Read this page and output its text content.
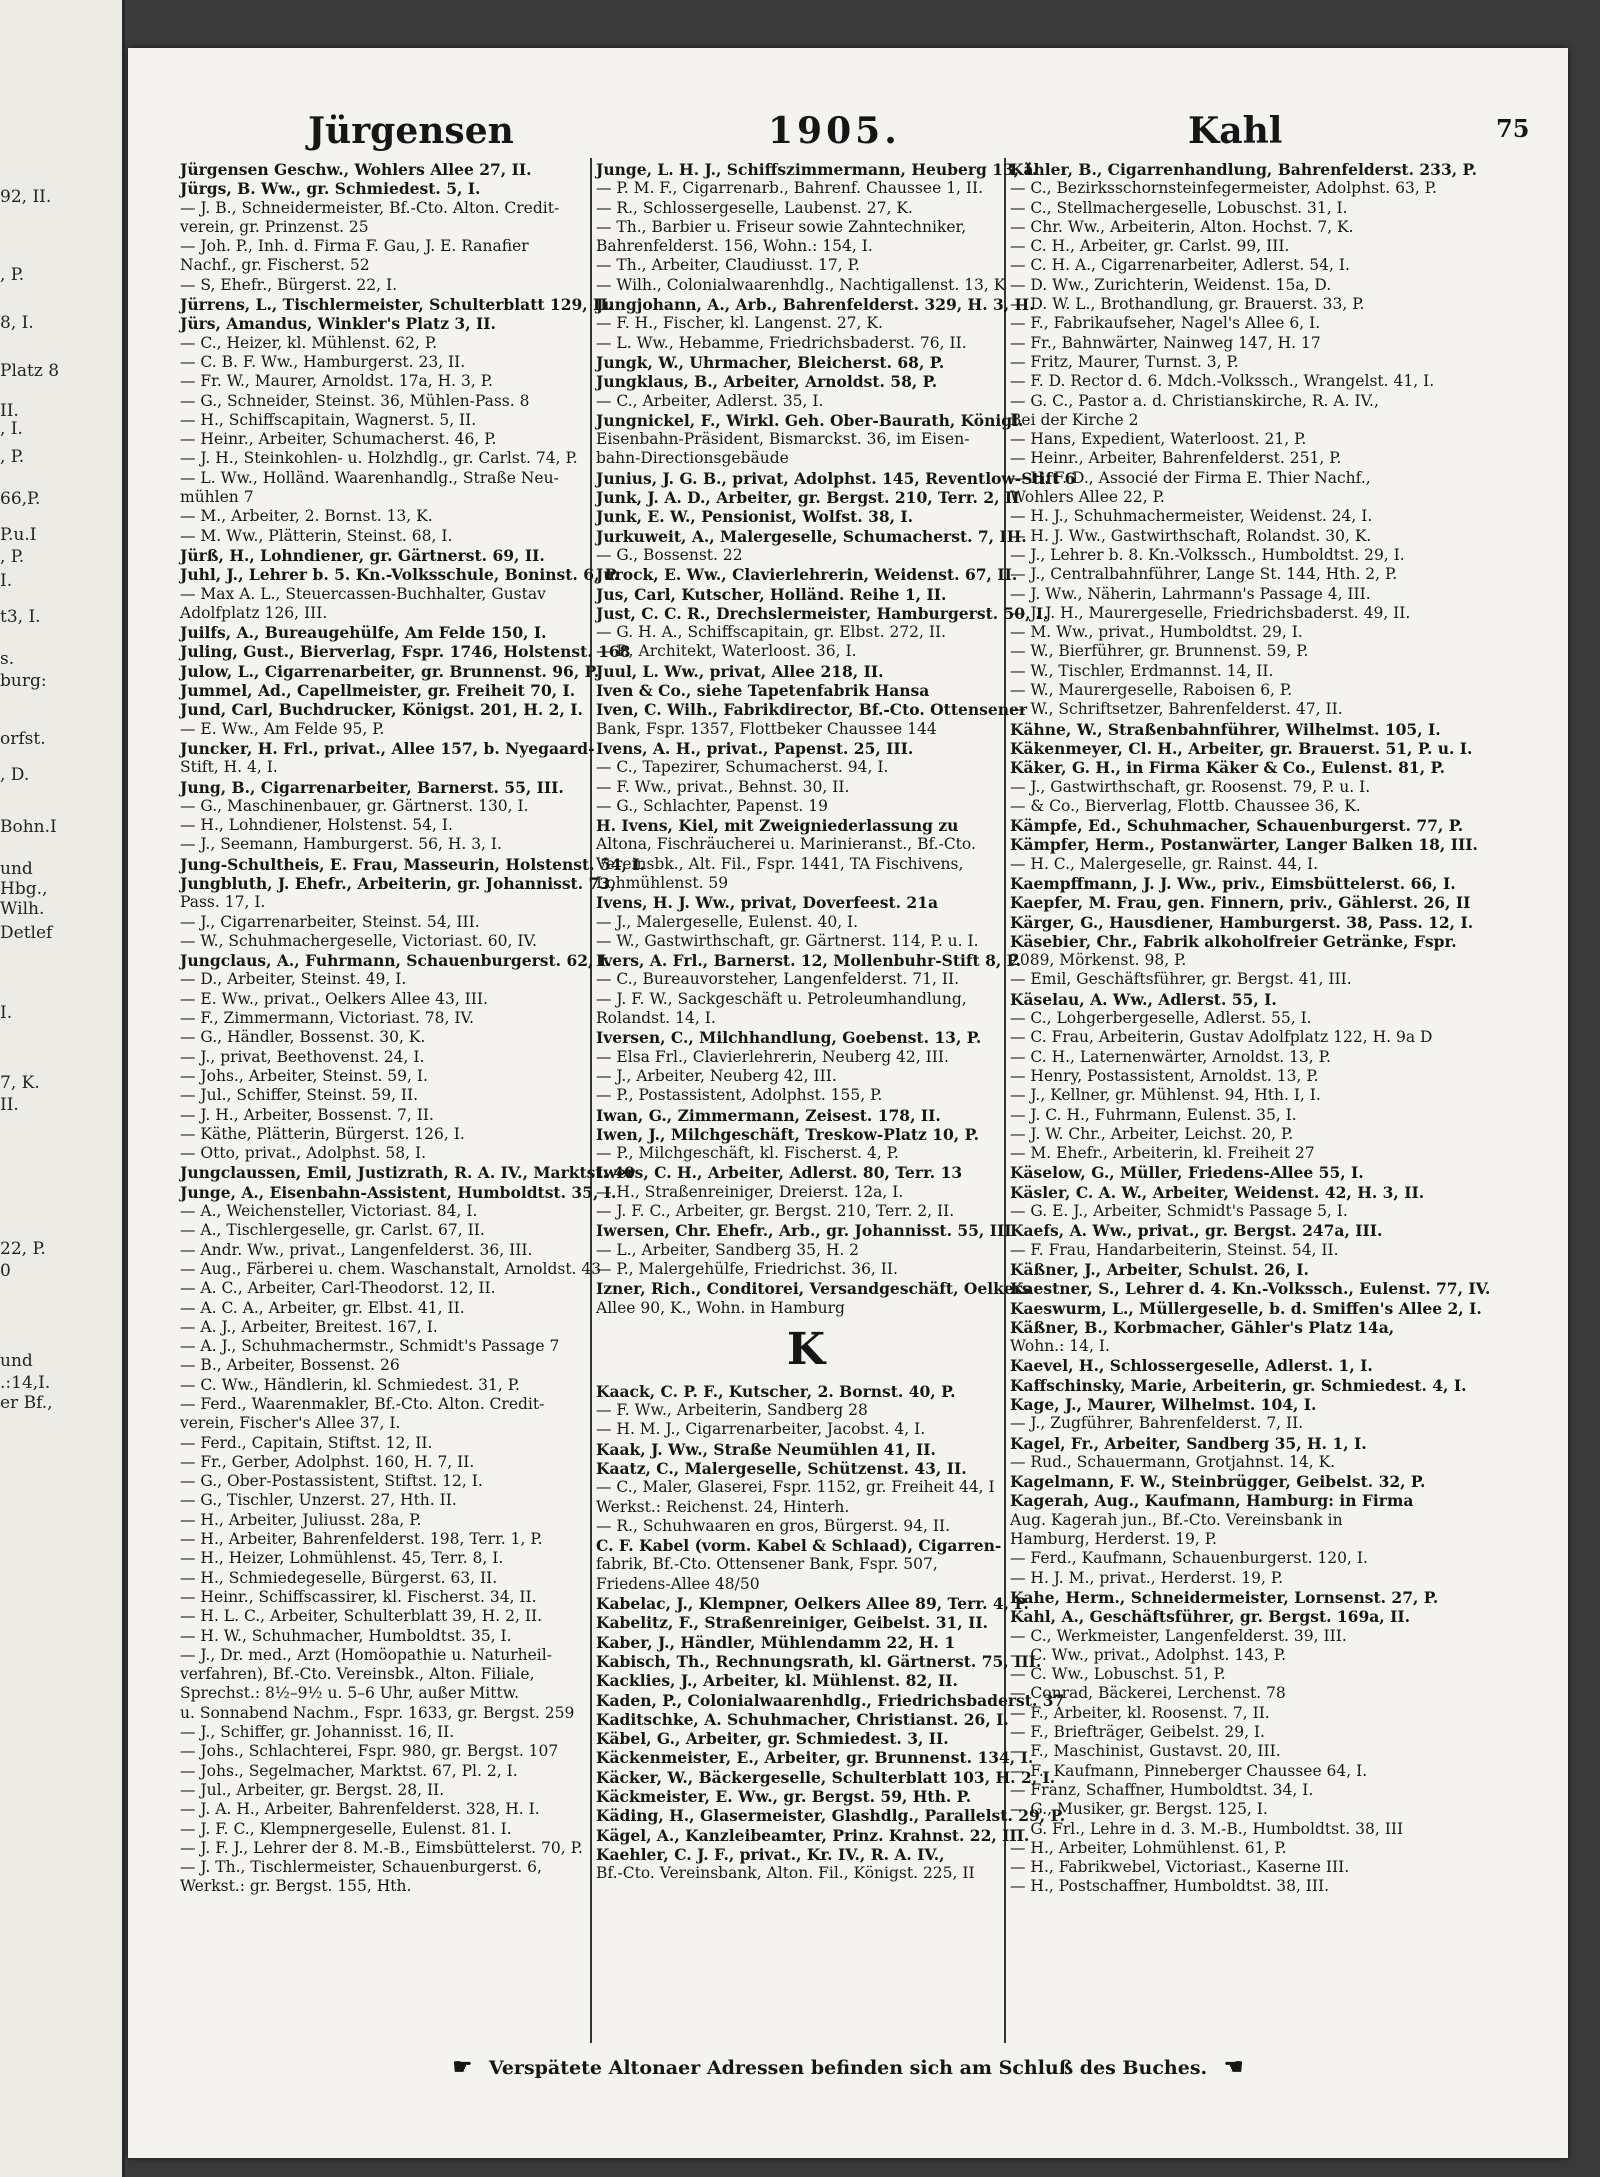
92, II.
, P.
8, I.
Platz 8
II.
, I.
, P.
66,P.
P.u.I
, P.
I.
t3, I.
s.
burg:
orfst.
, D.
Bohn.I
und
Hbg.,
Wilh.
Detlef
I.
7, K.
II.
22, P.
0
und
.:14,I.
er Bf.,
Jürgensen	1905.	Kahl	75
Jürgensen Geschw., Wohlers Allee 27, II.
Jürgs, B. Ww., gr. Schmiedest. 5, I.
— J. B., Schneidermeister, Bf.-Cto. Alton. Credit-
verein, gr. Prinzenst. 25
— Joh. P., Inh. d. Firma F. Gau, J. E. Ranafier
Nachf., gr. Fischerst. 52
— S, Ehefr., Bürgerst. 22, I.
Jürrens, L., Tischlermeister, Schulterblatt 129, II.
Jürs, Amandus, Winkler's Platz 3, II.
— C., Heizer, kl. Mühlenst. 62, P.
— C. B. F. Ww., Hamburgerst. 23, II.
— Fr. W., Maurer, Arnoldst. 17a, H. 3, P.
— G., Schneider, Steinst. 36, Mühlen-Pass. 8
— H., Schiffscapitain, Wagnerst. 5, II.
— Heinr., Arbeiter, Schumacherst. 46, P.
— J. H., Steinkohlen- u. Holzhdlg., gr. Carlst. 74, P.
— L. Ww., Holländ. Waarenhandlg., Straße Neu-
mühlen 7
— M., Arbeiter, 2. Bornst. 13, K.
— M. Ww., Plätterin, Steinst. 68, I.
Jürß, H., Lohndiener, gr. Gärtnerst. 69, II.
Juhl, J., Lehrer b. 5. Kn.-Volksschule, Boninst. 6, P.
— Max A. L., Steuercassen-Buchhalter, Gustav
Adolfplatz 126, III.
Juilfs, A., Bureaugehülfe, Am Felde 150, I.
Juling, Gust., Bierverlag, Fspr. 1746, Holstenst. 168
Julow, L., Cigarrenarbeiter, gr. Brunnenst. 96, P.
Jummel, Ad., Capellmeister, gr. Freiheit 70, I.
Jund, Carl, Buchdrucker, Königst. 201, H. 2, I.
— E. Ww., Am Felde 95, P.
Juncker, H. Frl., privat., Allee 157, b. Nyegaard-
Stift, H. 4, I.
Jung, B., Cigarrenarbeiter, Barnerst. 55, III.
— G., Maschinenbauer, gr. Gärtnerst. 130, I.
— H., Lohndiener, Holstenst. 54, I.
— J., Seemann, Hamburgerst. 56, H. 3, I.
Jung-Schultheis, E. Frau, Masseurin, Holstenst. 54, I.
Jungbluth, J. Ehefr., Arbeiterin, gr. Johannisst. 73,
Pass. 17, I.
— J., Cigarrenarbeiter, Steinst. 54, III.
— W., Schuhmachergeselle, Victoriast. 60, IV.
Jungclaus, A., Fuhrmann, Schauenburgerst. 62, I.
— D., Arbeiter, Steinst. 49, I.
— E. Ww., privat., Oelkers Allee 43, III.
— F., Zimmermann, Victoriast. 78, IV.
— G., Händler, Bossenst. 30, K.
— J., privat, Beethovenst. 24, I.
— Johs., Arbeiter, Steinst. 59, I.
— Jul., Schiffer, Steinst. 59, II.
— J. H., Arbeiter, Bossenst. 7, II.
— Käthe, Plätterin, Bürgerst. 126, I.
— Otto, privat., Adolphst. 58, I.
Jungclaussen, Emil, Justizrath, R. A. IV., Marktst. 40
Junge, A., Eisenbahn-Assistent, Humboldtst. 35, I.
— A., Weichensteller, Victoriast. 84, I.
— A., Tischlergeselle, gr. Carlst. 67, II.
— Andr. Ww., privat., Langenfelderst. 36, III.
— Aug., Färberei u. chem. Waschanstalt, Arnoldst. 43
— A. C., Arbeiter, Carl-Theodorst. 12, II.
— A. C. A., Arbeiter, gr. Elbst. 41, II.
— A. J., Arbeiter, Breitest. 167, I.
— A. J., Schuhmachermstr., Schmidt's Passage 7
— B., Arbeiter, Bossenst. 26
— C. Ww., Händlerin, kl. Schmiedest. 31, P.
— Ferd., Waarenmakler, Bf.-Cto. Alton. Credit-
verein, Fischer's Allee 37, I.
— Ferd., Capitain, Stiftst. 12, II.
— Fr., Gerber, Adolphst. 160, H. 7, II.
— G., Ober-Postassistent, Stiftst. 12, I.
— G., Tischler, Unzerst. 27, Hth. II.
— H., Arbeiter, Juliusst. 28a, P.
— H., Arbeiter, Bahrenfelderst. 198, Terr. 1, P.
— H., Heizer, Lohmühlenst. 45, Terr. 8, I.
— H., Schmiedegeselle, Bürgerst. 63, II.
— Heinr., Schiffscassirer, kl. Fischerst. 34, II.
— H. L. C., Arbeiter, Schulterblatt 39, H. 2, II.
— H. W., Schuhmacher, Humboldtst. 35, I.
— J., Dr. med., Arzt (Homöopathie u. Naturheil-
verfahren), Bf.-Cto. Vereinsbk., Alton. Filiale,
Sprechst.: 8½–9½ u. 5–6 Uhr, außer Mittw.
u. Sonnabend Nachm., Fspr. 1633, gr. Bergst. 259
— J., Schiffer, gr. Johannisst. 16, II.
— Johs., Schlachterei, Fspr. 980, gr. Bergst. 107
— Johs., Segelmacher, Marktst. 67, Pl. 2, I.
— Jul., Arbeiter, gr. Bergst. 28, II.
— J. A. H., Arbeiter, Bahrenfelderst. 328, H. I.
— J. F. C., Klempnergeselle, Eulenst. 81. I.
— J. F. J., Lehrer der 8. M.-B., Eimsbüttelerst. 70, P.
— J. Th., Tischlermeister, Schauenburgerst. 6,
Werkst.: gr. Bergst. 155, Hth.
Junge, L. H. J., Schiffszimmermann, Heuberg 13, I.
— P. M. F., Cigarrenarb., Bahrenf. Chaussee 1, II.
— R., Schlossergeselle, Laubenst. 27, K.
— Th., Barbier u. Friseur sowie Zahntechniker,
Bahrenfelderst. 156, Wohn.: 154, I.
— Th., Arbeiter, Claudiusst. 17, P.
— Wilh., Colonialwaarenhdlg., Nachtigallenst. 13, K
Jungjohann, A., Arb., Bahrenfelderst. 329, H. 3, II.
— F. H., Fischer, kl. Langenst. 27, K.
— L. Ww., Hebamme, Friedrichsbaderst. 76, II.
Jungk, W., Uhrmacher, Bleicherst. 68, P.
Jungklaus, B., Arbeiter, Arnoldst. 58, P.
— C., Arbeiter, Adlerst. 35, I.
Jungnickel, F., Wirkl. Geh. Ober-Baurath, Königl.
Eisenbahn-Präsident, Bismarckst. 36, im Eisen-
bahn-Directionsgebäude
Junius, J. G. B., privat, Adolphst. 145, Reventlow-Stift 6
Junk, J. A. D., Arbeiter, gr. Bergst. 210, Terr. 2, II
Junk, E. W., Pensionist, Wolfst. 38, I.
Jurkuweit, A., Malergeselle, Schumacherst. 7, III.
— G., Bossenst. 22
Jurock, E. Ww., Clavierlehrerin, Weidenst. 67, II.
Jus, Carl, Kutscher, Holländ. Reihe 1, II.
Just, C. C. R., Drechslermeister, Hamburgerst. 50, I.
— G. H. A., Schiffscapitain, gr. Elbst. 272, II.
— P., Architekt, Waterloost. 36, I.
Juul, L. Ww., privat, Allee 218, II.
Iven & Co., siehe Tapetenfabrik Hansa
Iven, C. Wilh., Fabrikdirector, Bf.-Cto. Ottensener
Bank, Fspr. 1357, Flottbeker Chaussee 144
Ivens, A. H., privat., Papenst. 25, III.
— C., Tapezirer, Schumacherst. 94, I.
— F. Ww., privat., Behnst. 30, II.
— G., Schlachter, Papenst. 19
H. Ivens, Kiel, mit Zweigniederlassung zu
Altona, Fischräucherei u. Marinieranst., Bf.-Cto.
Vereinsbk., Alt. Fil., Fspr. 1441, TA Fischivens,
Lohmühlenst. 59
Ivens, H. J. Ww., privat, Doverfeest. 21a
— J., Malergeselle, Eulenst. 40, I.
— W., Gastwirthschaft, gr. Gärtnerst. 114, P. u. I.
Ivers, A. Frl., Barnerst. 12, Mollenbuhr-Stift 8, P.
— C., Bureauvorsteher, Langenfelderst. 71, II.
— J. F. W., Sackgeschäft u. Petroleumhandlung,
Rolandst. 14, I.
Iversen, C., Milchhandlung, Goebenst. 13, P.
— Elsa Frl., Clavierlehrerin, Neuberg 42, III.
— J., Arbeiter, Neuberg 42, III.
— P., Postassistent, Adolphst. 155, P.
Iwan, G., Zimmermann, Zeisest. 178, II.
Iwen, J., Milchgeschäft, Treskow-Platz 10, P.
— P., Milchgeschäft, kl. Fischerst. 4, P.
Iwers, C. H., Arbeiter, Adlerst. 80, Terr. 13
— H., Straßenreiniger, Dreierst. 12a, I.
— J. F. C., Arbeiter, gr. Bergst. 210, Terr. 2, II.
Iwersen, Chr. Ehefr., Arb., gr. Johannisst. 55, III.
— L., Arbeiter, Sandberg 35, H. 2
— P., Malergehülfe, Friedrichst. 36, II.
Izner, Rich., Conditorei, Versandgeschäft, Oelkers
Allee 90, K., Wohn. in Hamburg
K
Kaack, C. P. F., Kutscher, 2. Bornst. 40, P.
— F. Ww., Arbeiterin, Sandberg 28
— H. M. J., Cigarrenarbeiter, Jacobst. 4, I.
Kaak, J. Ww., Straße Neumühlen 41, II.
Kaatz, C., Malergeselle, Schützenst. 43, II.
— C., Maler, Glaserei, Fspr. 1152, gr. Freiheit 44, I
Werkst.: Reichenst. 24, Hinterh.
— R., Schuhwaaren en gros, Bürgerst. 94, II.
C. F. Kabel (vorm. Kabel & Schlaad), Cigarren-
fabrik, Bf.-Cto. Ottensener Bank, Fspr. 507,
Friedens-Allee 48/50
Kabelac, J., Klempner, Oelkers Allee 89, Terr. 4, P.
Kabelitz, F., Straßenreiniger, Geibelst. 31, II.
Kaber, J., Händler, Mühlendamm 22, H. 1
Kabisch, Th., Rechnungsrath, kl. Gärtnerst. 75, III.
Kacklies, J., Arbeiter, kl. Mühlenst. 82, II.
Kaden, P., Colonialwaarenhdlg., Friedrichsbaderst. 37
Kaditschke, A. Schuhmacher, Christianst. 26, I.
Käbel, G., Arbeiter, gr. Schmiedest. 3, II.
Käckenmeister, E., Arbeiter, gr. Brunnenst. 134, I.
Käcker, W., Bäckergeselle, Schulterblatt 103, H. 2, I.
Käckmeister, E. Ww., gr. Bergst. 59, Hth. P.
Käding, H., Glasermeister, Glashdlg., Parallelst. 29, P.
Kägel, A., Kanzleibeamter, Prinz. Krahnst. 22, III.
Kaehler, C. J. F., privat., Kr. IV., R. A. IV.,
Bf.-Cto. Vereinsbank, Alton. Fil., Königst. 225, II
Kähler, B., Cigarrenhandlung, Bahrenfelderst. 233, P.
— C., Bezirksschornsteinfegermeister, Adolphst. 63, P.
— C., Stellmachergeselle, Lobuschst. 31, I.
— Chr. Ww., Arbeiterin, Alton. Hochst. 7, K.
— C. H., Arbeiter, gr. Carlst. 99, III.
— C. H. A., Cigarrenarbeiter, Adlerst. 54, I.
— D. Ww., Zurichterin, Weidenst. 15a, D.
— D. W. L., Brothandlung, gr. Brauerst. 33, P.
— F., Fabrikaufseher, Nagel's Allee 6, I.
— Fr., Bahnwärter, Nainweg 147, H. 17
— Fritz, Maurer, Turnst. 3, P.
— F. D. Rector d. 6. Mdch.-Volkssch., Wrangelst. 41, I.
— G. C., Pastor a. d. Christianskirche, R. A. IV.,
Bei der Kirche 2
— Hans, Expedient, Waterloost. 21, P.
— Heinr., Arbeiter, Bahrenfelderst. 251, P.
— H. F. D., Associé der Firma E. Thier Nachf.,
Wohlers Allee 22, P.
— H. J., Schuhmachermeister, Weidenst. 24, I.
— H. J. Ww., Gastwirthschaft, Rolandst. 30, K.
— J., Lehrer b. 8. Kn.-Volkssch., Humboldtst. 29, I.
— J., Centralbahnführer, Lange St. 144, Hth. 2, P.
— J. Ww., Näherin, Lahrmann's Passage 4, III.
— J. J. H., Maurergeselle, Friedrichsbaderst. 49, II.
— M. Ww., privat., Humboldtst. 29, I.
— W., Bierführer, gr. Brunnenst. 59, P.
— W., Tischler, Erdmannst. 14, II.
— W., Maurergeselle, Raboisen 6, P.
— W., Schriftsetzer, Bahrenfelderst. 47, II.
Kähne, W., Straßenbahnführer, Wilhelmst. 105, I.
Käkenmeyer, Cl. H., Arbeiter, gr. Brauerst. 51, P. u. I.
Käker, G. H., in Firma Käker & Co., Eulenst. 81, P.
— J., Gastwirthschaft, gr. Roosenst. 79, P. u. I.
— & Co., Bierverlag, Flottb. Chaussee 36, K.
Kämpfe, Ed., Schuhmacher, Schauenburgerst. 77, P.
Kämpfer, Herm., Postanwärter, Langer Balken 18, III.
— H. C., Malergeselle, gr. Rainst. 44, I.
Kaempffmann, J. J. Ww., priv., Eimsbüttelerst. 66, I.
Kaepfer, M. Frau, gen. Finnern, priv., Gählerst. 26, II
Kärger, G., Hausdiener, Hamburgerst. 38, Pass. 12, I.
Käsebier, Chr., Fabrik alkoholfreier Getränke, Fspr.
2089, Mörkenst. 98, P.
— Emil, Geschäftsführer, gr. Bergst. 41, III.
Käselau, A. Ww., Adlerst. 55, I.
— C., Lohgerbergeselle, Adlerst. 55, I.
— C. Frau, Arbeiterin, Gustav Adolfplatz 122, H. 9a D
— C. H., Laternenwärter, Arnoldst. 13, P.
— Henry, Postassistent, Arnoldst. 13, P.
— J., Kellner, gr. Mühlenst. 94, Hth. I, I.
— J. C. H., Fuhrmann, Eulenst. 35, I.
— J. W. Chr., Arbeiter, Leichst. 20, P.
— M. Ehefr., Arbeiterin, kl. Freiheit 27
Käselow, G., Müller, Friedens-Allee 55, I.
Käsler, C. A. W., Arbeiter, Weidenst. 42, H. 3, II.
— G. E. J., Arbeiter, Schmidt's Passage 5, I.
Kaefs, A. Ww., privat., gr. Bergst. 247a, III.
— F. Frau, Handarbeiterin, Steinst. 54, II.
Käßner, J., Arbeiter, Schulst. 26, I.
Kaestner, S., Lehrer d. 4. Kn.-Volkssch., Eulenst. 77, IV.
Kaeswurm, L., Müllergeselle, b. d. Smiffen's Allee 2, I.
Käßner, B., Korbmacher, Gähler's Platz 14a,
Wohn.: 14, I.
Kaevel, H., Schlossergeselle, Adlerst. 1, I.
Kaffschinsky, Marie, Arbeiterin, gr. Schmiedest. 4, I.
Kage, J., Maurer, Wilhelmst. 104, I.
— J., Zugführer, Bahrenfelderst. 7, II.
Kagel, Fr., Arbeiter, Sandberg 35, H. 1, I.
— Rud., Schauermann, Grotjahnst. 14, K.
Kagelmann, F. W., Steinbrügger, Geibelst. 32, P.
Kagerah, Aug., Kaufmann, Hamburg: in Firma
Aug. Kagerah jun., Bf.-Cto. Vereinsbank in
Hamburg, Herderst. 19, P.
— Ferd., Kaufmann, Schauenburgerst. 120, I.
— H. J. M., privat., Herderst. 19, P.
Kahe, Herm., Schneidermeister, Lornsenst. 27, P.
Kahl, A., Geschäftsführer, gr. Bergst. 169a, II.
— C., Werkmeister, Langenfelderst. 39, III.
— C. Ww., privat., Adolphst. 143, P.
— C. Ww., Lobuschst. 51, P.
— Conrad, Bäckerei, Lerchenst. 78
— F., Arbeiter, kl. Roosenst. 7, II.
— F., Briefträger, Geibelst. 29, I.
— F., Maschinist, Gustavst. 20, III.
— F., Kaufmann, Pinneberger Chaussee 64, I.
— Franz, Schaffner, Humboldtst. 34, I.
— G., Musiker, gr. Bergst. 125, I.
— G. Frl., Lehre in d. 3. M.-B., Humboldtst. 38, III
— H., Arbeiter, Lohmühlenst. 61, P.
— H., Fabrikwebel, Victoriast., Kaserne III.
— H., Postschaffner, Humboldtst. 38, III.
☛ Verspätete Altonaer Adressen befinden sich am Schluß des Buches. ☚
